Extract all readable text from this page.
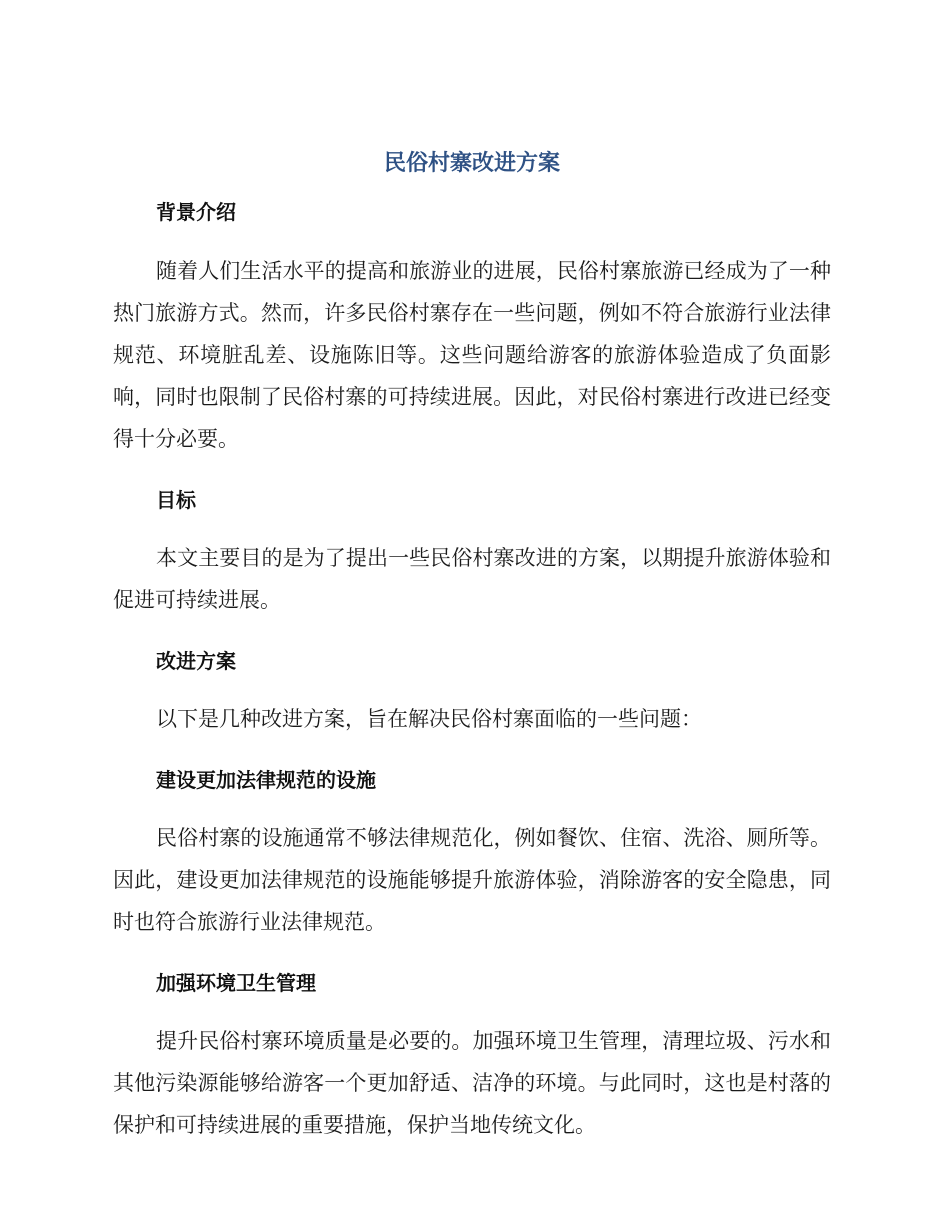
民俗村寨改进方案
背景介绍

随着人们生活水平的提高和旅游业的进展，民俗村寨旅游已经成为了一种热门旅游方式。然而，许多民俗村寨存在一些问题，例如不符合旅游行业法律规范、环境脏乱差、设施陈旧等。这些问题给游客的旅游体验造成了负面影响，同时也限制了民俗村寨的可持续进展。因此，对民俗村寨进行改进已经变得十分必要。

目标

本文主要目的是为了提出一些民俗村寨改进的方案，以期提升旅游体验和促进可持续进展。

改进方案

以下是几种改进方案，旨在解决民俗村寨面临的一些问题：

建设更加法律规范的设施

民俗村寨的设施通常不够法律规范化，例如餐饮、住宿、洗浴、厕所等。因此，建设更加法律规范的设施能够提升旅游体验，消除游客的安全隐患，同时也符合旅游行业法律规范。

加强环境卫生管理

提升民俗村寨环境质量是必要的。加强环境卫生管理，清理垃圾、污水和其他污染源能够给游客一个更加舒适、洁净的环境。与此同时，这也是村落的保护和可持续进展的重要措施，保护当地传统文化。
